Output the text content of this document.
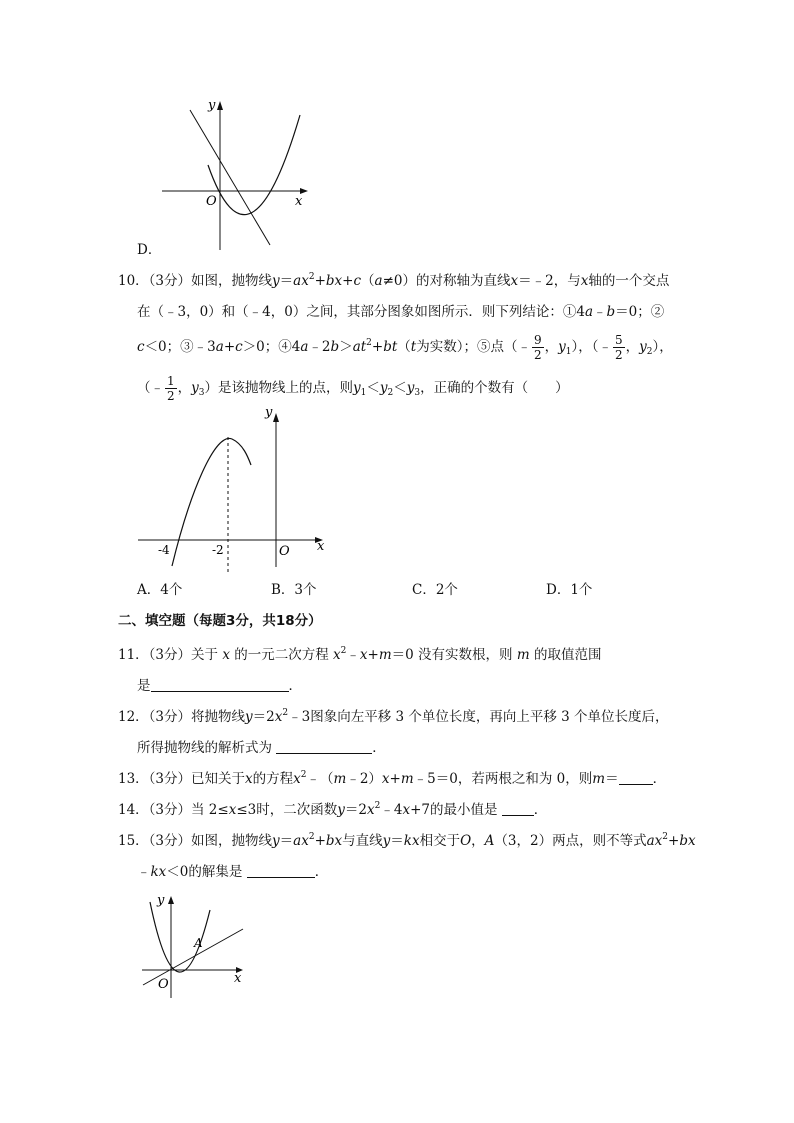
y
x
O
D．
10．（3分）如图，抛物线$y=ax^2+bx+c(a\ne 0)$的对称轴为直线x＝﹣2，与x轴的一个交点
在（﹣3，0）和（﹣4，0）之间，其部分图象如图所示．则下列结论：①4a﹣b＝0；②
c＜0；③﹣3a+c＞0；$④4a﹣2b>at^2+bt(t$为实数）；⑤点（﹣ $\frac{9}{2}$ ，$y_1$），（﹣ $\frac{5}{2}$ ，$y_2$），
（﹣ $\frac{1}{2}$ ，$y_3$）是该抛物线上的点，则$y_1<y_2<y_3$，正确的个数有（　　）
y
x
O
-4	-2
A．4个	B．3个	C．2个	D．1个
二、填空题（每题3分，共18分）
11．（3分）关于 x 的一元二次方程 $x^2﹣x+m=0$ 没有实数根，则 m 的取值范围
是	．
12．（3分）将抛物线$y=2x^2﹣3$图象向左平移 3 个单位长度，再向上平移 3 个单位长度后，
所得抛物线的解析式为	．
13．（3分）已知关于x的方程$x^2﹣(m﹣2)x+m﹣5=0$，若两根之和为 0，则m＝	．
14．（3分）当 2≤x≤3时，二次函数$y=2x^2﹣4x+7$的最小值是	．
15．（3分）如图，抛物线$y=ax^2+bx$与直线y＝kx相交于O，A（3，2）两点，则不等式$ax^2+bx$
﹣kx＜0的解集是	．
y
x
O
A
